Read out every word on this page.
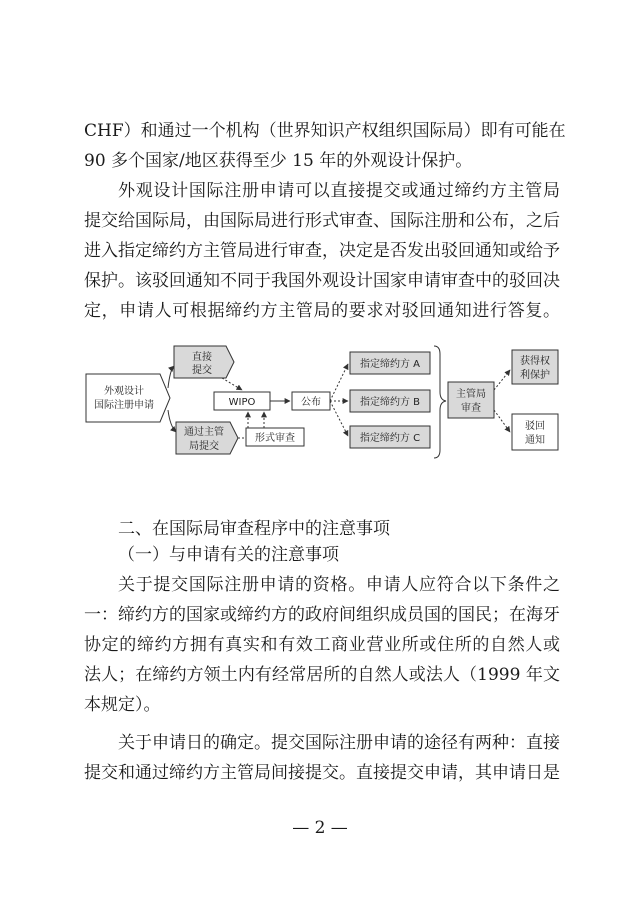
CHF）和通过一个机构（世界知识产权组织国际局）即有可能在
90 多个国家/地区获得至少 15 年的外观设计保护。
外观设计国际注册申请可以直接提交或通过缔约方主管局
提交给国际局，由国际局进行形式审查、国际注册和公布，之后
进入指定缔约方主管局进行审查，决定是否发出驳回通知或给予
保护。该驳回通知不同于我国外观设计国家申请审查中的驳回决
定，申请人可根据缔约方主管局的要求对驳回通知进行答复。
外观设计
国际注册申请
直接
提交
通过主管
局提交
WIPO
形式审查
公布
指定缔约方 A
指定缔约方 B
指定缔约方 C
主管局
审查
获得权
利保护
驳回
通知
二、在国际局审查程序中的注意事项
（一）与申请有关的注意事项
关于提交国际注册申请的资格。申请人应符合以下条件之
一：缔约方的国家或缔约方的政府间组织成员国的国民；在海牙
协定的缔约方拥有真实和有效工商业营业所或住所的自然人或
法人；在缔约方领土内有经常居所的自然人或法人（1999 年文
本规定）。
关于申请日的确定。提交国际注册申请的途径有两种：直接
提交和通过缔约方主管局间接提交。直接提交申请，其申请日是
— 2 —
